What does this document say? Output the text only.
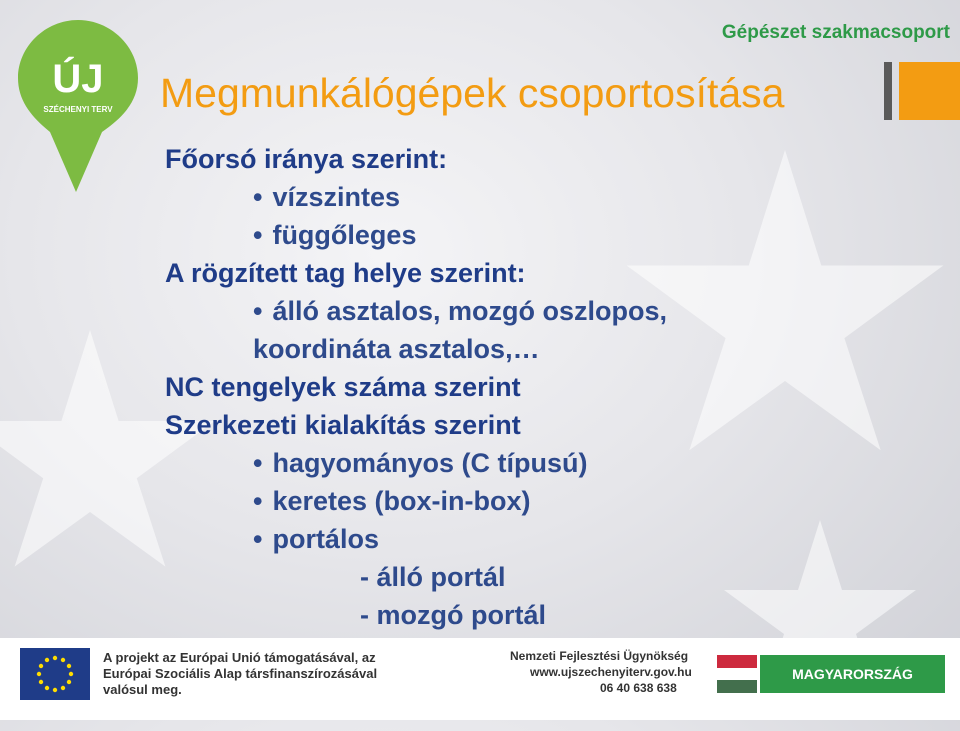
ÚJ
SZÉCHENYI TERV
Gépészet szakmacsoport
Megmunkálógépek csoportosítása
Főorsó iránya szerint:
• vízszintes
• függőleges
A rögzített tag helye szerint:
• álló asztalos, mozgó oszlopos,
koordináta asztalos,…
NC tengelyek száma szerint
Szerkezeti kialakítás szerint
• hagyományos (C típusú)
• keretes (box-in-box)
• portálos
- álló portál
- mozgó portál
A projekt az Európai Unió támogatásával, az Európai Szociális Alap társfinanszírozásával valósul meg.
Nemzeti Fejlesztési Ügynökség
www.ujszechenyiterv.gov.hu
06 40 638 638
MAGYARORSZÁG MEGÚJUL
